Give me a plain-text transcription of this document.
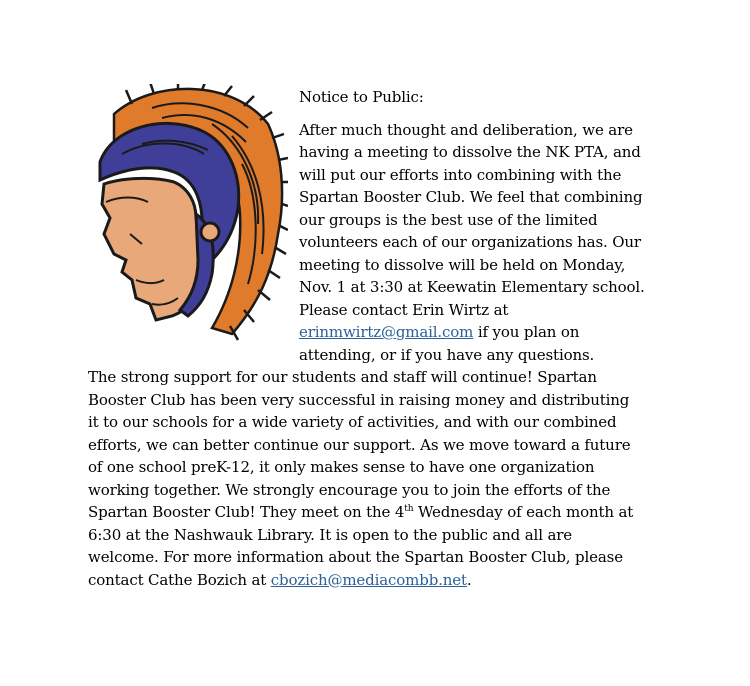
Notice to Public:

After much thought and deliberation, we are
having a meeting to dissolve the NK PTA, and
will put our efforts into combining with the
Spartan Booster Club. We feel that combining
our groups is the best use of the limited
volunteers each of our organizations has. Our
meeting to dissolve will be held on Monday,
Nov. 1 at 3:30 at Keewatin Elementary school.
Please contact Erin Wirtz at
erinmwirtz@gmail.com if you plan on
attending, or if you have any questions.
The strong support for our students and staff will continue! Spartan
Booster Club has been very successful in raising money and distributing
it to our schools for a wide variety of activities, and with our combined
efforts, we can better continue our support. As we move toward a future
of one school preK-12, it only makes sense to have one organization
working together. We strongly encourage you to join the efforts of the
Spartan Booster Club! They meet on the 4th Wednesday of each month at
6:30 at the Nashwauk Library. It is open to the public and all are
welcome. For more information about the Spartan Booster Club, please
contact Cathe Bozich at cbozich@mediacombb.net.
